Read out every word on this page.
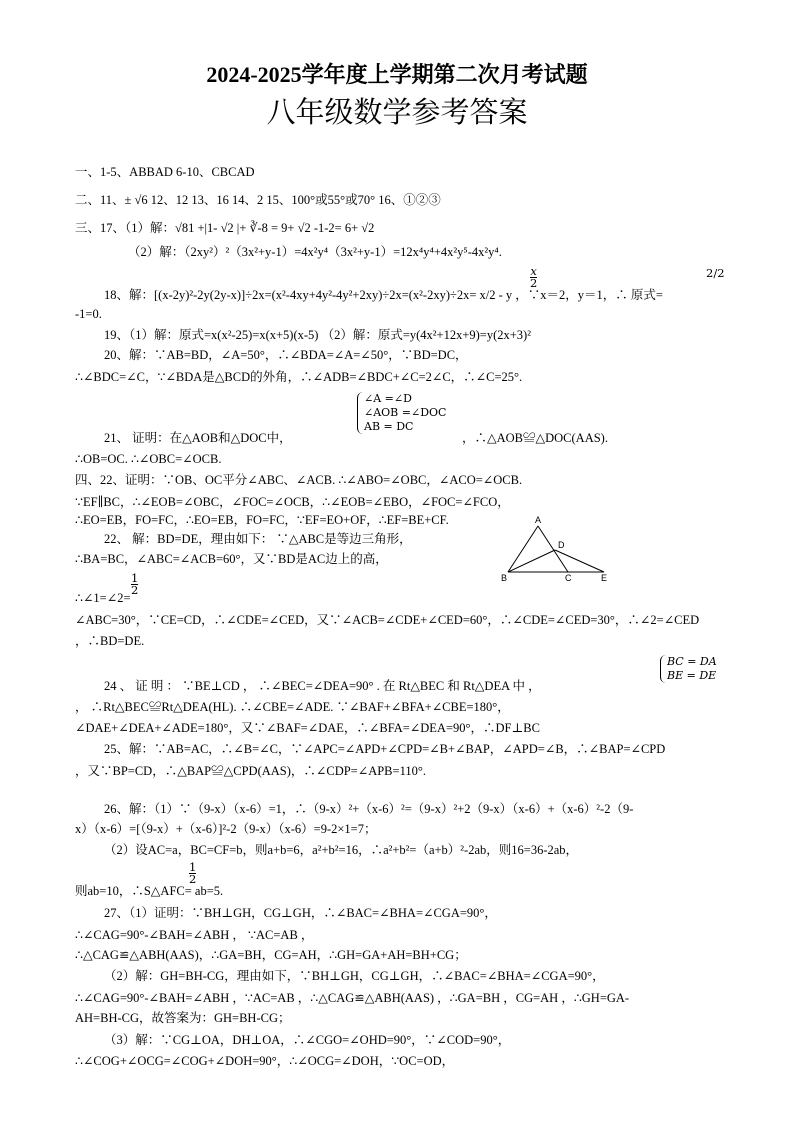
2024-2025学年度上学期第二次月考试题
八年级数学参考答案
一、1-5、ABBAD 6-10、CBCAD
二、11、± √6 12、12 13、16 14、2 15、100°或55°或70° 16、①②③
三、17、（1）解：√81 +|1- √2 |+ ∛-8 = 9+ √2 -1-2= 6+ √2
（2）解：（2xy²）²（3x²+y-1）=4x²y⁴（3x²+y-1）=12x⁴y⁴+4x²y⁵-4x²y⁴.
$\frac{x}{2}$	2/2
18、解：[(x-2y)²-2y(2y-x)]÷2x=(x²-4xy+4y²-4y²+2xy)÷2x=(x²-2xy)÷2x= x/2 - y ，∵x＝2，y＝1，∴ 原式=
-1=0.
19、（1）解：原式=x(x²-25)=x(x+5)(x-5) （2）解：原式=y(4x²+12x+9)=y(2x+3)²
20、解：∵AB=BD，∠A=50°，∴∠BDA=∠A=∠50°，∵BD=DC，
∴∠BDC=∠C，∵∠BDA是△BCD的外角，∴∠ADB=∠BDC+∠C=2∠C，∴∠C=25°.
∠A =∠D
∠AOB =∠DOC
AB = DC
21、 证明：在△AOB和△DOC中，	，∴△AOB≌△DOC(AAS).
∴OB=OC. ∴∠OBC=∠OCB.
四、22、证明：∵OB、OC平分∠ABC、∠ACB. ∴∠ABO=∠OBC，∠ACO=∠OCB.
∵EF∥BC，∴∠EOB=∠OBC，∠FOC=∠OCB，∴∠EOB=∠EBO，∠FOC=∠FCO，
∴EO=EB，FO=FC，∴EO=EB，FO=FC，∵EF=EO+OF，∴EF=BE+CF.	A
D
B	C	E
22、 解：BD=DE，理由如下： ∵△ABC是等边三角形，
∴BA=BC，∠ABC=∠ACB=60°，又∵BD是AC边上的高，
$\frac{1}{2}$
∴∠1=∠2=
∠ABC=30°，∵CE=CD，∴∠CDE=∠CED，又∵∠ACB=∠CDE+∠CED=60°，∴∠CDE=∠CED=30°，∴∠2=∠CED
，∴BD=DE.
BC = DA
BE = DE
24 、 证 明 ： ∵BE⊥CD ， ∴∠BEC=∠DEA=90° . 在 Rt△BEC 和 Rt△DEA 中 ，
， ∴Rt△BEC≌Rt△DEA(HL). ∴∠CBE=∠ADE. ∵∠BAF+∠BFA+∠CBE=180°，
∠DAE+∠DEA+∠ADE=180°，又∵∠BAF=∠DAE，∴∠BFA=∠DEA=90°，∴DF⊥BC
25、解：∵AB=AC，∴∠B=∠C，∵∠APC=∠APD+∠CPD=∠B+∠BAP，∠APD=∠B，∴∠BAP=∠CPD
，又∵BP=CD，∴△BAP≌△CPD(AAS)，∴∠CDP=∠APB=110°.
26、解：（1）∵（9-x）（x-6）=1，∴（9-x）²+（x-6）²=（9-x）²+2（9-x）（x-6）+（x-6）²-2（9-
x）（x-6）=[（9-x）+（x-6）]²-2（9-x）（x-6）=9-2×1=7；
（2）设AC=a，BC=CF=b，则a+b=6，a²+b²=16，∴a²+b²=（a+b）²-2ab，则16=36-2ab，
$\frac{1}{2}$
则ab=10，∴S△AFC= ab=5.
27、（1）证明：∵BH⊥GH，CG⊥GH，∴∠BAC=∠BHA=∠CGA=90°，
∴∠CAG=90°-∠BAH=∠ABH ， ∵AC=AB ，
∴△CAG≌△ABH(AAS)，∴GA=BH，CG=AH，∴GH=GA+AH=BH+CG；
（2）解：GH=BH-CG，理由如下，∵BH⊥GH，CG⊥GH，∴∠BAC=∠BHA=∠CGA=90°，
∴∠CAG=90°-∠BAH=∠ABH ，∵AC=AB ，∴△CAG≌△ABH(AAS) ，∴GA=BH ，CG=AH ，∴GH=GA-
AH=BH-CG，故答案为：GH=BH-CG；
（3）解：∵CG⊥OA，DH⊥OA，∴∠CGO=∠OHD=90°，∵∠COD=90°，
∴∠COG+∠OCG=∠COG+∠DOH=90°，∴∠OCG=∠DOH，∵OC=OD，
